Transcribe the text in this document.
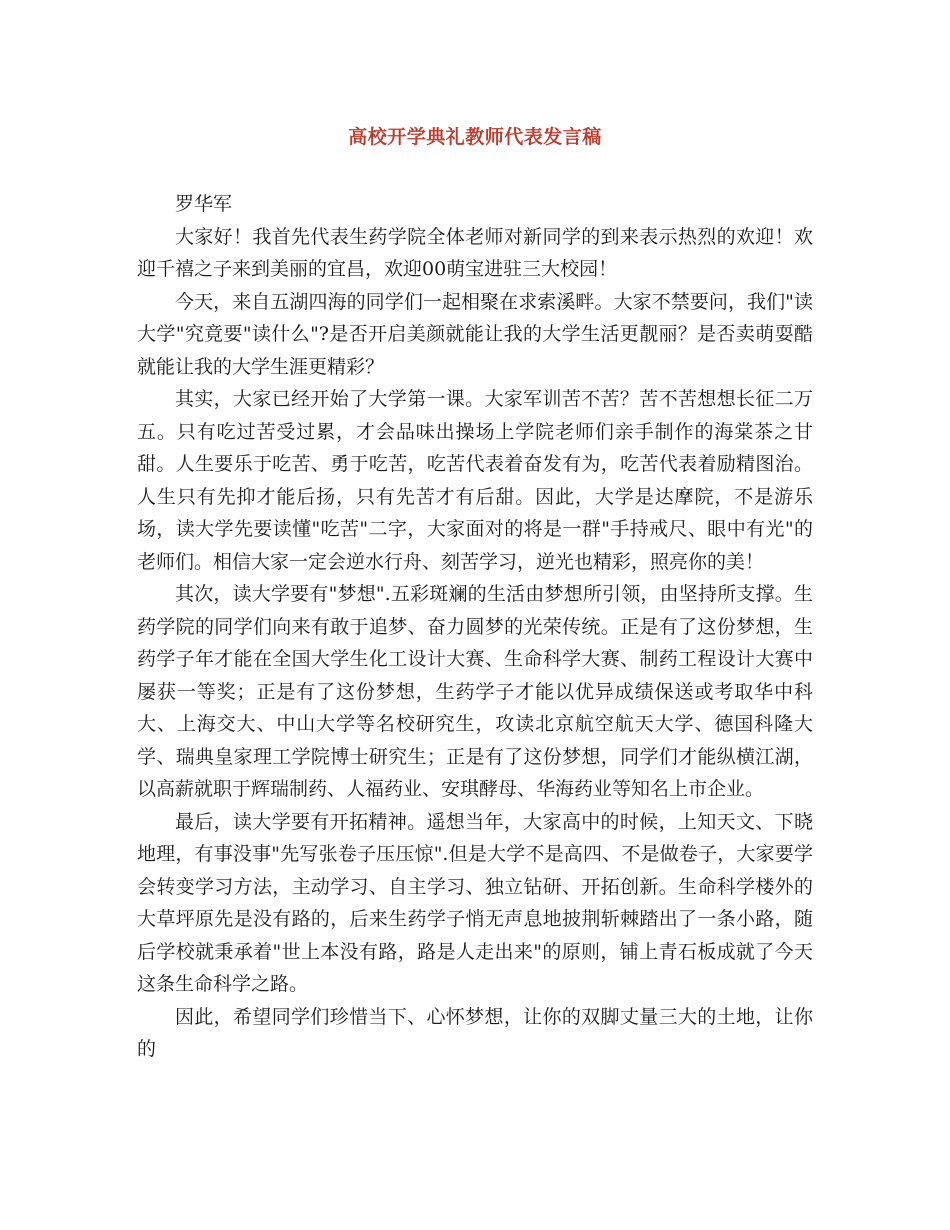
高校开学典礼教师代表发言稿

罗华军

大家好！我首先代表生药学院全体老师对新同学的到来表示热烈的欢迎！欢迎千禧之子来到美丽的宜昌，欢迎00萌宝进驻三大校园！

今天，来自五湖四海的同学们一起相聚在求索溪畔。大家不禁要问，我们"读大学"究竟要"读什么"?是否开启美颜就能让我的大学生活更靓丽？是否卖萌耍酷就能让我的大学生涯更精彩？

其实，大家已经开始了大学第一课。大家军训苦不苦？苦不苦想想长征二万五。只有吃过苦受过累，才会品味出操场上学院老师们亲手制作的海棠茶之甘甜。人生要乐于吃苦、勇于吃苦，吃苦代表着奋发有为，吃苦代表着励精图治。人生只有先抑才能后扬，只有先苦才有后甜。因此，大学是达摩院，不是游乐场，读大学先要读懂"吃苦"二字，大家面对的将是一群"手持戒尺、眼中有光"的老师们。相信大家一定会逆水行舟、刻苦学习，逆光也精彩，照亮你的美！

其次，读大学要有"梦想".五彩斑斓的生活由梦想所引领，由坚持所支撑。生药学院的同学们向来有敢于追梦、奋力圆梦的光荣传统。正是有了这份梦想，生药学子年才能在全国大学生化工设计大赛、生命科学大赛、制药工程设计大赛中屡获一等奖；正是有了这份梦想，生药学子才能以优异成绩保送或考取华中科大、上海交大、中山大学等名校研究生，攻读北京航空航天大学、德国科隆大学、瑞典皇家理工学院博士研究生；正是有了这份梦想，同学们才能纵横江湖，以高薪就职于辉瑞制药、人福药业、安琪酵母、华海药业等知名上市企业。

最后，读大学要有开拓精神。遥想当年，大家高中的时候，上知天文、下晓地理，有事没事"先写张卷子压压惊".但是大学不是高四、不是做卷子，大家要学会转变学习方法，主动学习、自主学习、独立钻研、开拓创新。生命科学楼外的大草坪原先是没有路的，后来生药学子悄无声息地披荆斩棘踏出了一条小路，随后学校就秉承着"世上本没有路，路是人走出来"的原则，铺上青石板成就了今天这条生命科学之路。

因此，希望同学们珍惜当下、心怀梦想，让你的双脚丈量三大的土地，让你的
